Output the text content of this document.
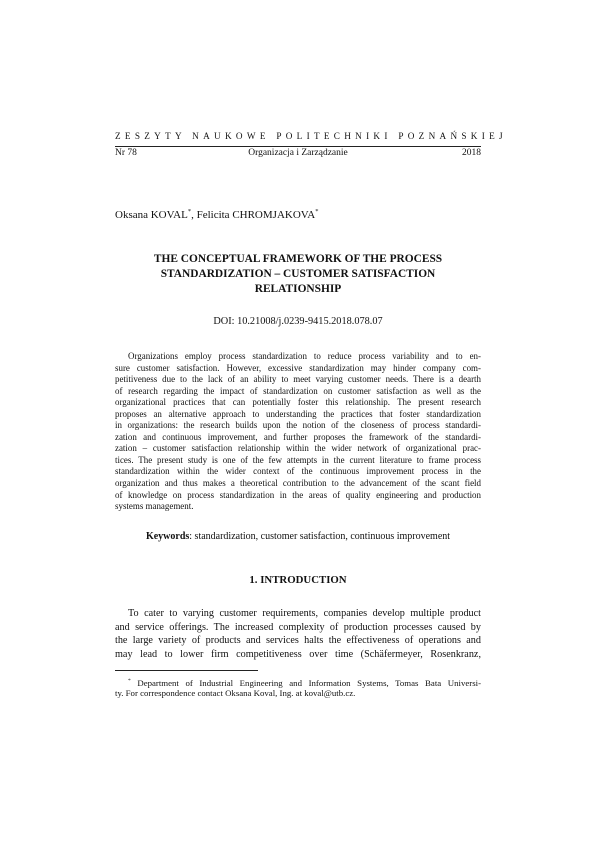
ZESZYTY NAUKOWE POLITECHNIKI POZNAŃSKIEJ
Nr 78	Organizacja i Zarządzanie	2018
Oksana KOVAL*, Felicita CHROMJAKOVA*
THE CONCEPTUAL FRAMEWORK OF THE PROCESS
STANDARDIZATION – CUSTOMER SATISFACTION
RELATIONSHIP
DOI: 10.21008/j.0239-9415.2018.078.07
Organizations employ process standardization to reduce process variability and to en-
sure customer satisfaction. However, excessive standardization may hinder company com-
petitiveness due to the lack of an ability to meet varying customer needs. There is a dearth
of research regarding the impact of standardization on customer satisfaction as well as the
organizational practices that can potentially foster this relationship. The present research
proposes an alternative approach to understanding the practices that foster standardization
in organizations: the research builds upon the notion of the closeness of process standardi-
zation and continuous improvement, and further proposes the framework of the standardi-
zation – customer satisfaction relationship within the wider network of organizational prac-
tices. The present study is one of the few attempts in the current literature to frame process
standardization within the wider context of the continuous improvement process in the
organization and thus makes a theoretical contribution to the advancement of the scant field
of knowledge on process standardization in the areas of quality engineering and production
systems management.
Keywords: standardization, customer satisfaction, continuous improvement
1. INTRODUCTION
To cater to varying customer requirements, companies develop multiple product
and service offerings. The increased complexity of production processes caused by
the large variety of products and services halts the effectiveness of operations and
may lead to lower firm competitiveness over time (Schäfermeyer, Rosenkranz,
* Department of Industrial Engineering and Information Systems, Tomas Bata Universi-
ty. For correspondence contact Oksana Koval, Ing. at koval@utb.cz.
